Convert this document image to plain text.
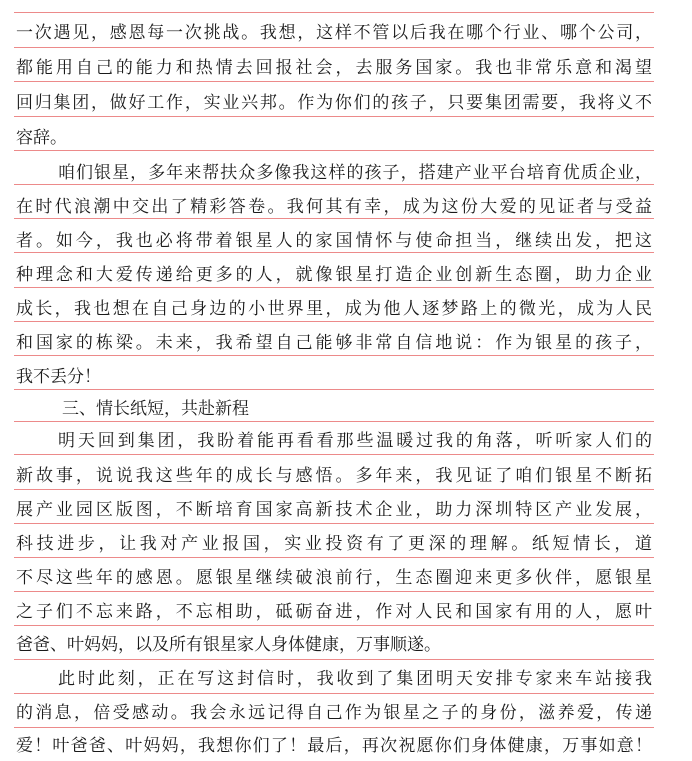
一次遇见，感恩每一次挑战。我想，这样不管以后我在哪个行业、哪个公司，
都能用自己的能力和热情去回报社会，去服务国家。我也非常乐意和渴望
回归集团，做好工作，实业兴邦。作为你们的孩子，只要集团需要，我将义不
容辞。
咱们银星，多年来帮扶众多像我这样的孩子，搭建产业平台培育优质企业，
在时代浪潮中交出了精彩答卷。我何其有幸，成为这份大爱的见证者与受益
者。如今，我也必将带着银星人的家国情怀与使命担当，继续出发，把这
种理念和大爱传递给更多的人，就像银星打造企业创新生态圈，助力企业
成长，我也想在自己身边的小世界里，成为他人逐梦路上的微光，成为人民
和国家的栋梁。未来，我希望自己能够非常自信地说：作为银星的孩子，
我不丢分！
三、情长纸短，共赴新程
明天回到集团，我盼着能再看看那些温暖过我的角落，听听家人们的
新故事，说说我这些年的成长与感悟。多年来，我见证了咱们银星不断拓
展产业园区版图，不断培育国家高新技术企业，助力深圳特区产业发展，
科技进步，让我对产业报国，实业投资有了更深的理解。纸短情长，道
不尽这些年的感恩。愿银星继续破浪前行，生态圈迎来更多伙伴，愿银星
之子们不忘来路，不忘相助，砥砺奋进，作对人民和国家有用的人，愿叶
爸爸、叶妈妈，以及所有银星家人身体健康，万事顺遂。
此时此刻，正在写这封信时，我收到了集团明天安排专家来车站接我
的消息，倍受感动。我会永远记得自己作为银星之子的身份，滋养爱，传递
爱！叶爸爸、叶妈妈，我想你们了！最后，再次祝愿你们身体健康，万事如意！
